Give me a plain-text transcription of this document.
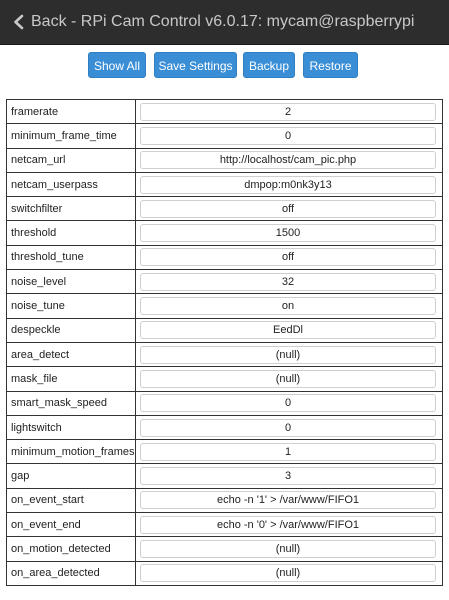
Back - RPi Cam Control v6.0.17: mycam@raspberrypi
Show All	Save Settings	Backup	Restore
framerate	2

minimum_frame_time	0

netcam_url	http://localhost/cam_pic.php

netcam_userpass	dmpop:m0nk3y13

switchfilter	off

threshold	1500

threshold_tune	off

noise_level	32

noise_tune	on

despeckle	EedDl

area_detect	(null)

mask_file	(null)

smart_mask_speed	0

lightswitch	0

minimum_motion_frames	1

gap	3

on_event_start	echo -n '1' > /var/www/FIFO1

on_event_end	echo -n '0' > /var/www/FIFO1

on_motion_detected	(null)

on_area_detected	(null)
